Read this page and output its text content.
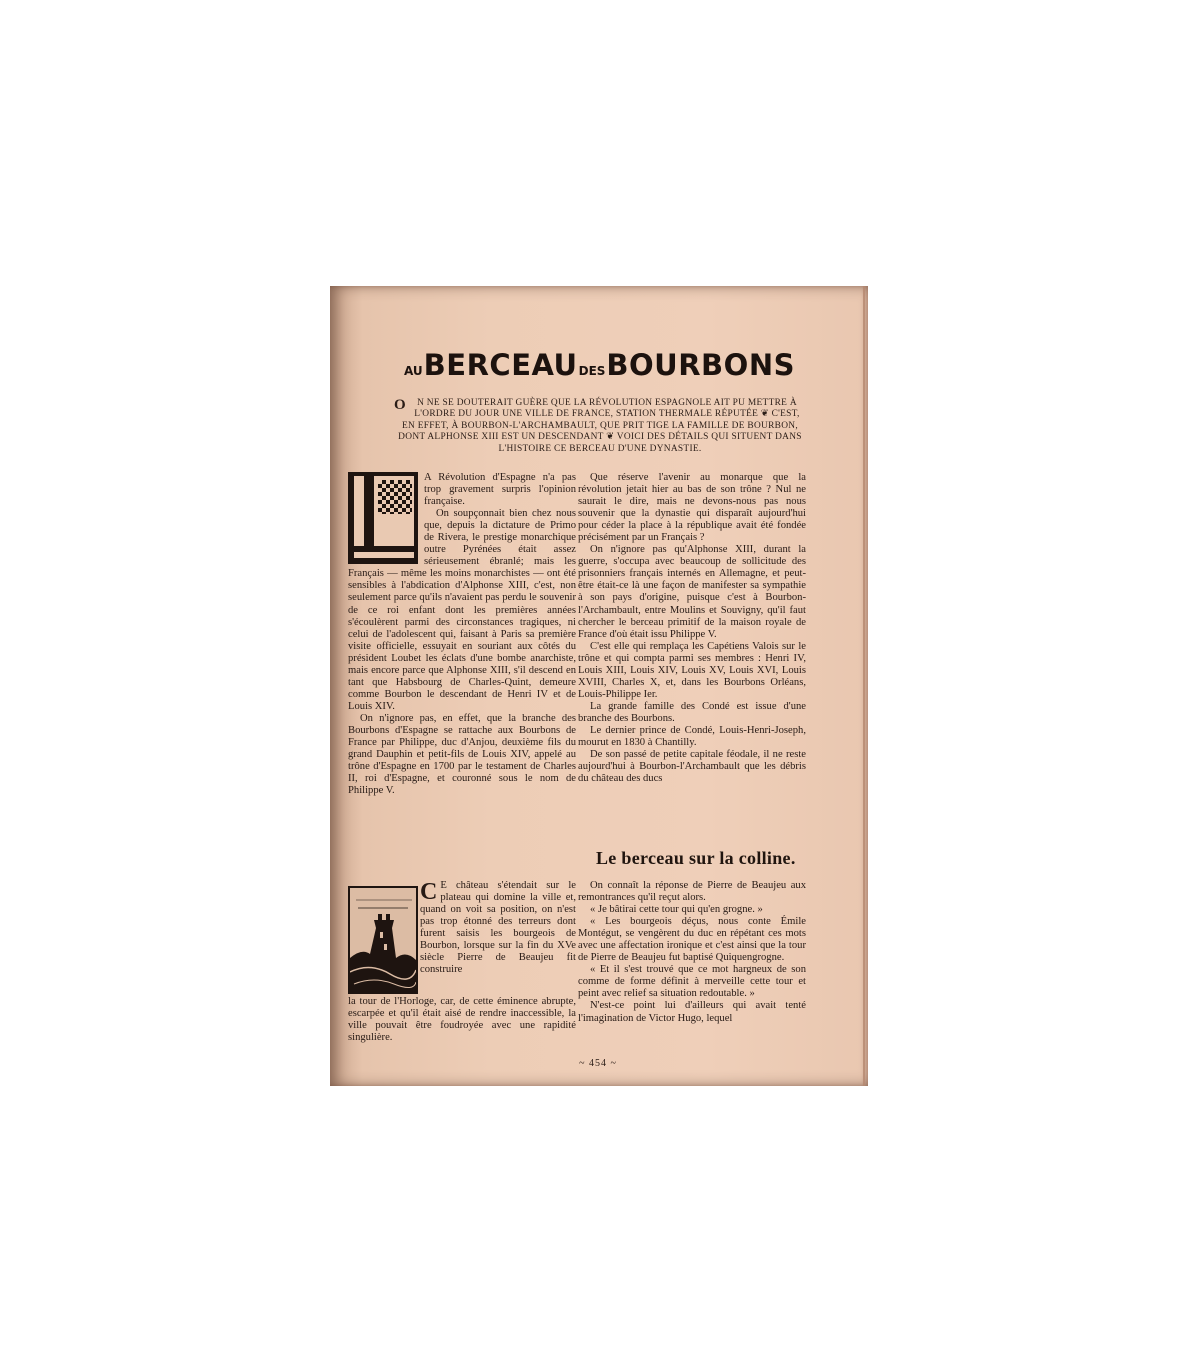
AU BERCEAU DES BOURBONS
O N NE SE DOUTERAIT GUÈRE QUE LA RÉVOLUTION ESPAGNOLE AIT PU METTRE À L'ORDRE DU JOUR UNE VILLE DE FRANCE, STATION THERMALE RÉPUTÉE ❦ C'EST, EN EFFET, À BOURBON-L'ARCHAMBAULT, QUE PRIT TIGE LA FAMILLE DE BOURBON, DONT ALPHONSE XIII EST UN DESCENDANT ❦ VOICI DES DÉTAILS QUI SITUENT DANS L'HISTOIRE CE BERCEAU D'UNE DYNASTIE.

A Révolution d'Espagne n'a pas trop gravement surpris l'opinion française.

On soupçonnait bien chez nous que, depuis la dictature de Primo de Rivera, le prestige monarchique outre Pyrénées était assez sérieusement ébranlé; mais les Français — même les moins monarchistes — ont été sensibles à l'abdication d'Alphonse XIII, c'est, non seulement parce qu'ils n'avaient pas perdu le souvenir de ce roi enfant dont les premières années s'écoulèrent parmi des circonstances tragiques, ni celui de l'adolescent qui, faisant à Paris sa première visite officielle, essuyait en souriant aux côtés du président Loubet les éclats d'une bombe anarchiste, mais encore parce que Alphonse XIII, s'il descend en tant que Habsbourg de Charles-Quint, demeure comme Bourbon le descendant de Henri IV et de Louis XIV.

On n'ignore pas, en effet, que la branche des Bourbons d'Espagne se rattache aux Bourbons de France par Philippe, duc d'Anjou, deuxième fils du grand Dauphin et petit-fils de Louis XIV, appelé au trône d'Espagne en 1700 par le testament de Charles II, roi d'Espagne, et couronné sous le nom de Philippe V.

Que réserve l'avenir au monarque que la révolution jetait hier au bas de son trône ? Nul ne saurait le dire, mais ne devons-nous pas nous souvenir que la dynastie qui disparaît aujourd'hui pour céder la place à la république avait été fondée précisément par un Français ?

On n'ignore pas qu'Alphonse XIII, durant la guerre, s'occupa avec beaucoup de sollicitude des prisonniers français internés en Allemagne, et peut-être était-ce là une façon de manifester sa sympathie à son pays d'origine, puisque c'est à Bourbon-l'Archambault, entre Moulins et Souvigny, qu'il faut chercher le berceau primitif de la maison royale de France d'où était issu Philippe V.

C'est elle qui remplaça les Capétiens Valois sur le trône et qui compta parmi ses membres : Henri IV, Louis XIII, Louis XIV, Louis XV, Louis XVI, Louis XVIII, Charles X, et, dans les Bourbons Orléans, Louis-Philippe Ier.

La grande famille des Condé est issue d'une branche des Bourbons.

Le dernier prince de Condé, Louis-Henri-Joseph, mourut en 1830 à Chantilly.

De son passé de petite capitale féodale, il ne reste aujourd'hui à Bourbon-l'Archambault que les débris du château des ducs

Le berceau sur la colline.

C E château s'étendait sur le plateau qui domine la ville et, quand on voit sa position, on n'est pas trop étonné des terreurs dont furent saisis les bourgeois de Bourbon, lorsque sur la fin du XVe siècle Pierre de Beaujeu fit construire

la tour de l'Horloge, car, de cette éminence abrupte, escarpée et qu'il était aisé de rendre inaccessible, la ville pouvait être foudroyée avec une rapidité singulière.

On connaît la réponse de Pierre de Beaujeu aux remontrances qu'il reçut alors.

« Je bâtirai cette tour qui qu'en grogne. »

« Les bourgeois déçus, nous conte Émile Montégut, se vengèrent du duc en répétant ces mots avec une affectation ironique et c'est ainsi que la tour de Pierre de Beaujeu fut baptisé Quiquengrogne.

« Et il s'est trouvé que ce mot hargneux de son comme de forme définit à merveille cette tour et peint avec relief sa situation redoutable. »

N'est-ce point lui d'ailleurs qui avait tenté l'imagination de Victor Hugo, lequel

~ 454 ~
